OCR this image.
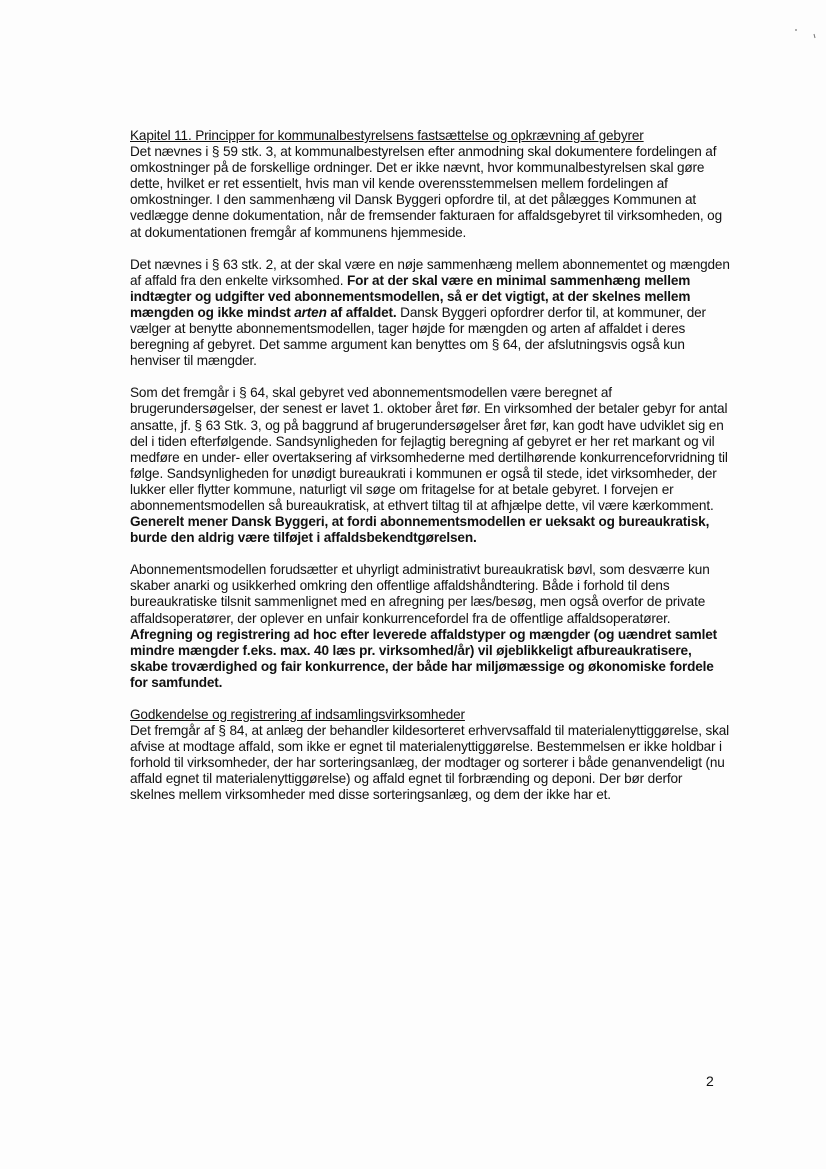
Kapitel 11. Principper for kommunalbestyrelsens fastsættelse og opkrævning af gebyrer

Det nævnes i § 59 stk. 3, at kommunalbestyrelsen efter anmodning skal dokumentere fordelingen af omkostninger på de forskellige ordninger. Det er ikke nævnt, hvor kommunalbestyrelsen skal gøre dette, hvilket er ret essentielt, hvis man vil kende overensstemmelsen mellem fordelingen af omkostninger. I den sammenhæng vil Dansk Byggeri opfordre til, at det pålægges Kommunen at vedlægge denne dokumentation, når de fremsender fakturaen for affaldsgebyret til virksomheden, og at dokumentationen fremgår af kommunens hjemmeside.

Det nævnes i § 63 stk. 2, at der skal være en nøje sammenhæng mellem abonnementet og mængden af affald fra den enkelte virksomhed. For at der skal være en minimal sammenhæng mellem indtægter og udgifter ved abonnementsmodellen, så er det vigtigt, at der skelnes mellem mængden og ikke mindst arten af affaldet. Dansk Byggeri opfordrer derfor til, at kommuner, der vælger at benytte abonnementsmodellen, tager højde for mængden og arten af affaldet i deres beregning af gebyret. Det samme argument kan benyttes om § 64, der afslutningsvis også kun henviser til mængder.

Som det fremgår i § 64, skal gebyret ved abonnementsmodellen være beregnet af brugerundersøgelser, der senest er lavet 1. oktober året før. En virksomhed der betaler gebyr for antal ansatte, jf. § 63 Stk. 3, og på baggrund af brugerundersøgelser året før, kan godt have udviklet sig en del i tiden efterfølgende. Sandsynligheden for fejlagtig beregning af gebyret er her ret markant og vil medføre en under- eller overtaksering af virksomhederne med dertilhørende konkurrenceforvridning til følge. Sandsynligheden for unødigt bureaukrati i kommunen er også til stede, idet virksomheder, der lukker eller flytter kommune, naturligt vil søge om fritagelse for at betale gebyret. I forvejen er abonnementsmodellen så bureaukratisk, at ethvert tiltag til at afhjælpe dette, vil være kærkomment. Generelt mener Dansk Byggeri, at fordi abonnementsmodellen er ueksakt og bureaukratisk, burde den aldrig være tilføjet i affaldsbekendtgørelsen.

Abonnementsmodellen forudsætter et uhyrligt administrativt bureaukratisk bøvl, som desværre kun skaber anarki og usikkerhed omkring den offentlige affaldshåndtering. Både i forhold til dens bureaukratiske tilsnit sammenlignet med en afregning per læs/besøg, men også overfor de private affaldsoperatører, der oplever en unfair konkurrencefordel fra de offentlige affaldsoperatører. Afregning og registrering ad hoc efter leverede affaldstyper og mængder (og uændret samlet mindre mængder f.eks. max. 40 læs pr. virksomhed/år) vil øjeblikkeligt afbureaukratisere, skabe troværdighed og fair konkurrence, der både har miljømæssige og økonomiske fordele for samfundet.

Godkendelse og registrering af indsamlingsvirksomheder

Det fremgår af § 84, at anlæg der behandler kildesorteret erhvervsaffald til materialenyttiggørelse, skal afvise at modtage affald, som ikke er egnet til materialenyttiggørelse. Bestemmelsen er ikke holdbar i forhold til virksomheder, der har sorteringsanlæg, der modtager og sorterer i både genanvendeligt (nu affald egnet til materialenyttiggørelse) og affald egnet til forbrænding og deponi. Der bør derfor skelnes mellem virksomheder med disse sorteringsanlæg, og dem der ikke har et.

2
